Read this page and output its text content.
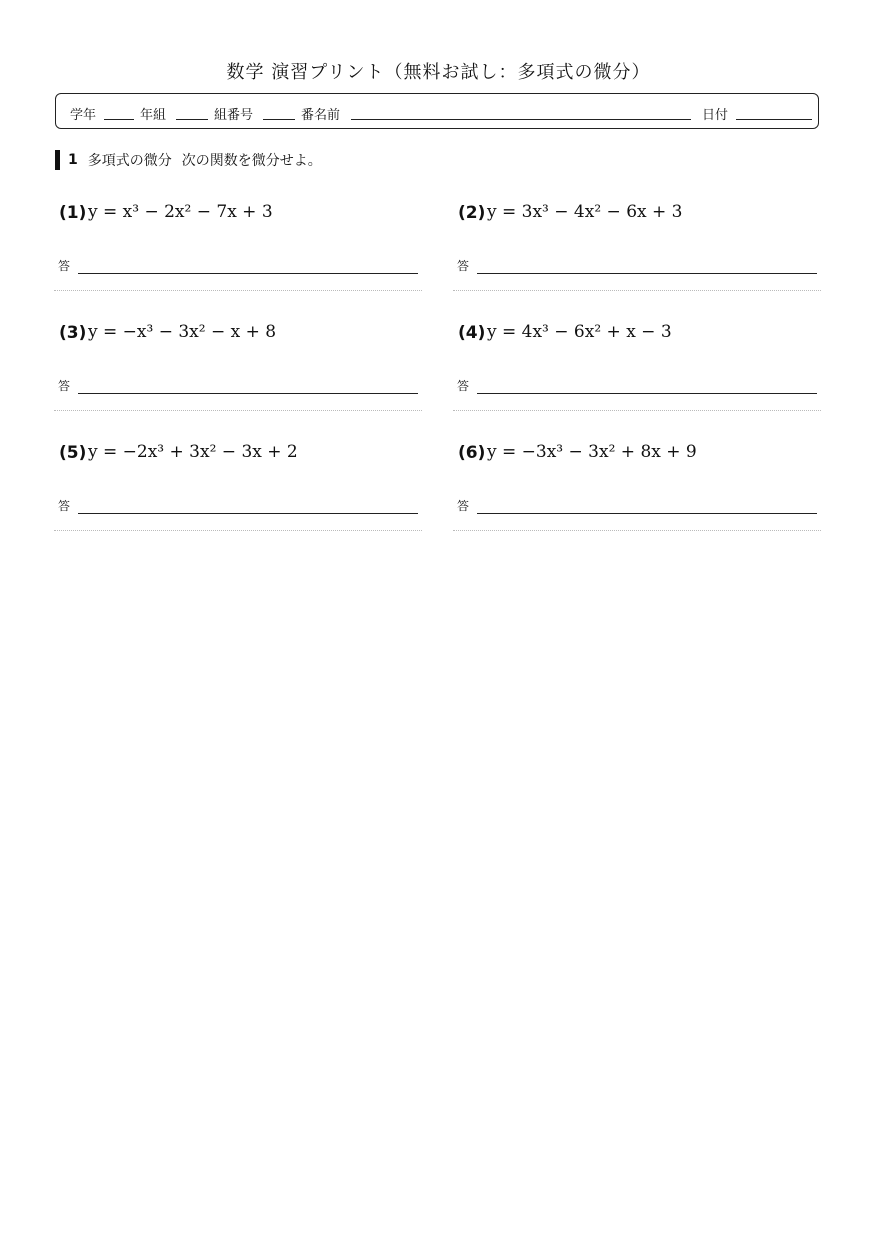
数学 演習プリント（無料お試し：多項式の微分）
学年	年組	組番号	番名前	日付
1 多項式の微分 次の関数を微分せよ。
(1) y = x³ − 2x² − 7x + 3
答
(2) y = 3x³ − 4x² − 6x + 3
答
(3) y = −x³ − 3x² − x + 8
答
(4) y = 4x³ − 6x² + x − 3
答
(5) y = −2x³ + 3x² − 3x + 2
答
(6) y = −3x³ − 3x² + 8x + 9
答
